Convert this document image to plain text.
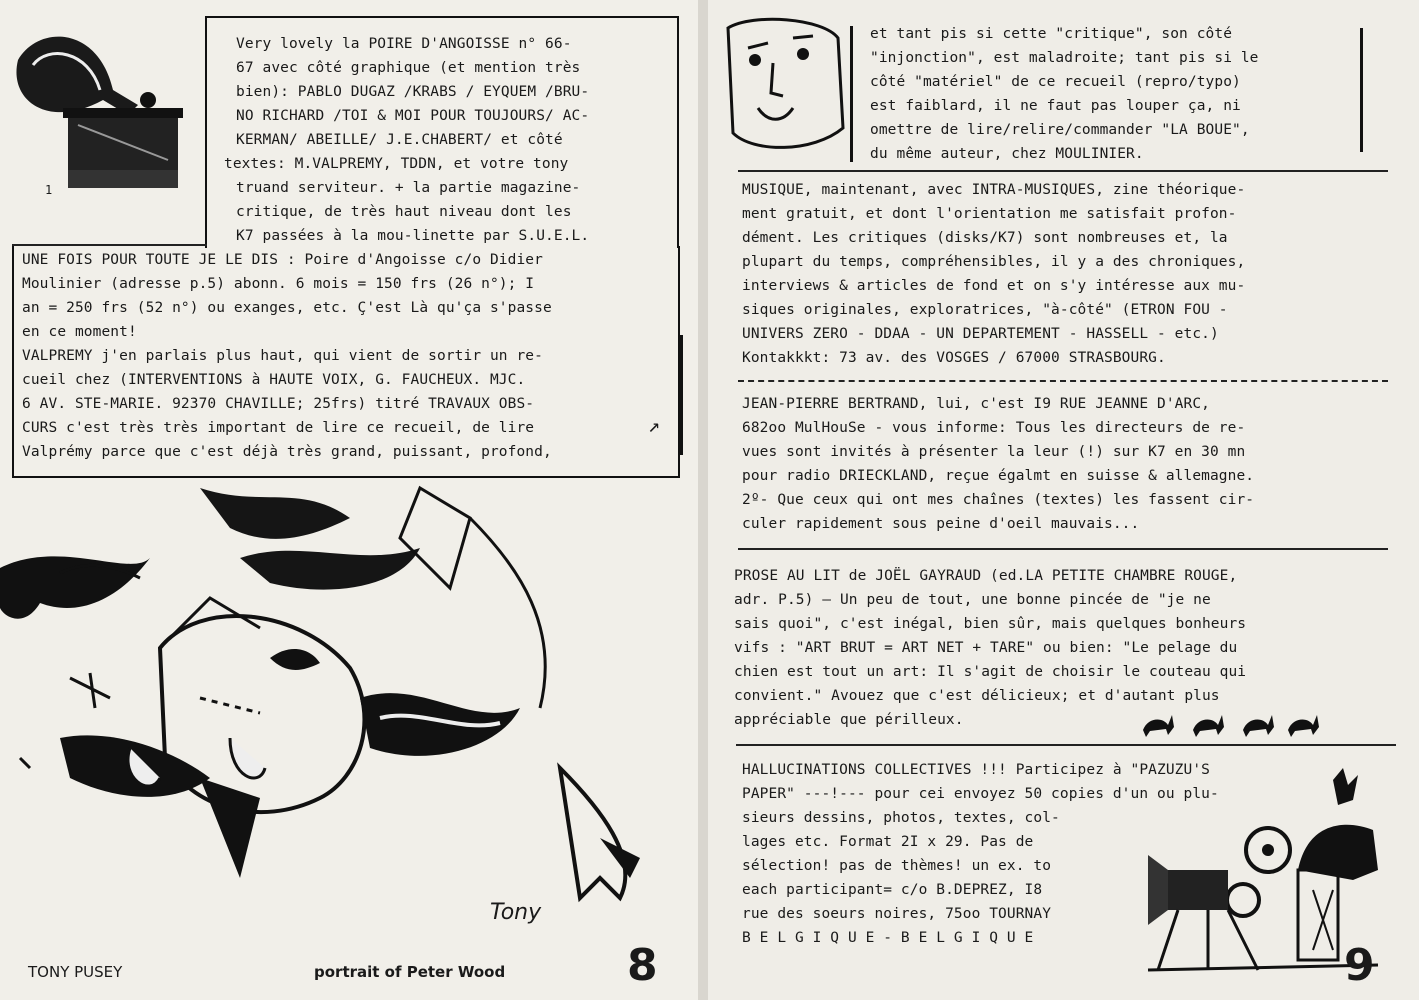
1
Very lovely la POIRE D'ANGOISSE n° 66-
67 avec côté graphique (et mention très
bien): PABLO DUGAZ /KRABS / EYQUEM /BRU-
NO RICHARD /TOI & MOI POUR TOUJOURS/ AC-
KERMAN/ ABEILLE/ J.E.CHABERT/ et côté
textes: M.VALPREMY, TDDN, et votre tony
truand serviteur. + la partie magazine-
critique, de très haut niveau dont les
K7 passées à la mou-linette par S.U.E.L.
UNE FOIS POUR TOUTE JE LE DIS : Poire d'Angoisse c/o Didier
Moulinier (adresse p.5) abonn. 6 mois = 150 frs (26 n°); I
an = 250 frs (52 n°) ou exanges, etc. Ç'est Là qu'ça s'passe
en ce moment!
VALPREMY j'en parlais plus haut, qui vient de sortir un re-
cueil chez (INTERVENTIONS à HAUTE VOIX, G. FAUCHEUX. MJC.
6 AV. STE-MARIE. 92370 CHAVILLE; 25frs) titré TRAVAUX OBS-
CURS c'est très très important de lire ce recueil, de lire
Valprémy parce que c'est déjà très grand, puissant, profond,
↗
Tony
TONY PUSEY	portrait of Peter Wood	8
et tant pis si cette "critique", son côté
"injonction", est maladroite; tant pis si le
côté "matériel" de ce recueil (repro/typo)
est faiblard, il ne faut pas louper ça, ni
omettre de lire/relire/commander "LA BOUE",
du même auteur, chez MOULINIER.
MUSIQUE, maintenant, avec INTRA-MUSIQUES, zine théorique-
ment gratuit, et dont l'orientation me satisfait profon-
dément. Les critiques (disks/K7) sont nombreuses et, la
plupart du temps, compréhensibles, il y a des chroniques,
interviews & articles de fond et on s'y intéresse aux mu-
siques originales, exploratrices, "à-côté" (ETRON FOU -
UNIVERS ZERO - DDAA - UN DEPARTEMENT - HASSELL - etc.)
Kontakkkt: 73 av. des VOSGES / 67000 STRASBOURG.
JEAN-PIERRE BERTRAND, lui, c'est I9 RUE JEANNE D'ARC,
682oo MulHouSe - vous informe: Tous les directeurs de re-
vues sont invités à présenter la leur (!) sur K7 en 30 mn
pour radio DRIECKLAND, reçue égalmt en suisse & allemagne.
2º- Que ceux qui ont mes chaînes (textes) les fassent cir-
culer rapidement sous peine d'oeil mauvais...
PROSE AU LIT de JOËL GAYRAUD (ed.LA PETITE CHAMBRE ROUGE,
adr. P.5) — Un peu de tout, une bonne pincée de "je ne
sais quoi", c'est inégal, bien sûr, mais quelques bonheurs
vifs : "ART BRUT = ART NET + TARE" ou bien: "Le pelage du
chien est tout un art: Il s'agit de choisir le couteau qui
convient." Avouez que c'est délicieux; et d'autant plus
appréciable que périlleux.
HALLUCINATIONS COLLECTIVES !!! Participez à "PAZUZU'S
PAPER" ---!--- pour cei envoyez 50 copies d'un ou plu-
sieurs dessins, photos, textes, col-
lages etc. Format 2I x 29. Pas de
sélection! pas de thèmes! un ex. to
each participant= c/o B.DEPREZ, I8
rue des soeurs noires, 75oo TOURNAY
B E L G I Q U E - B E L G I Q U E
9
